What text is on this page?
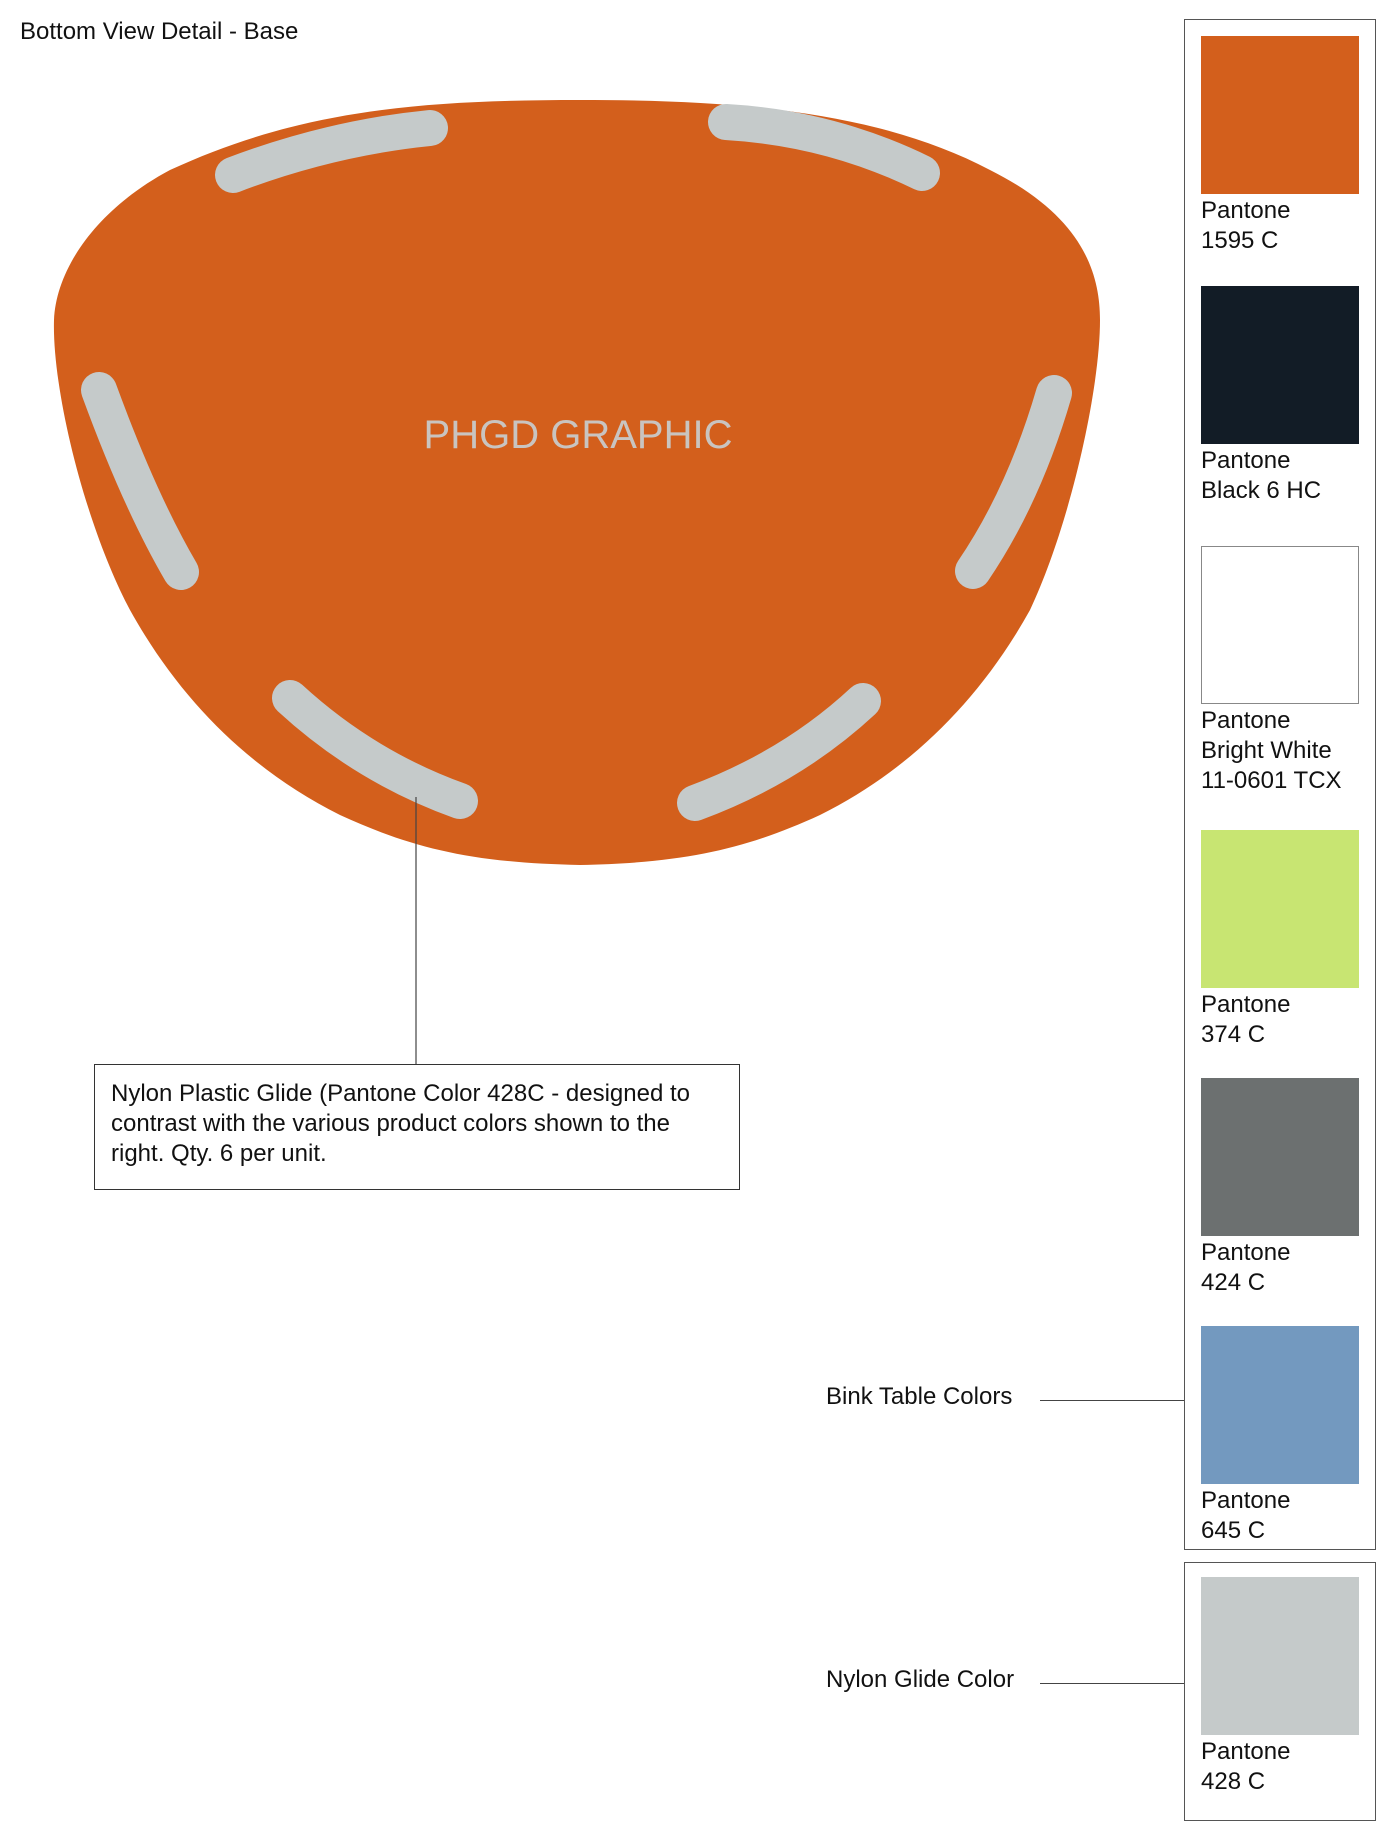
Bottom View Detail - Base
PHGD GRAPHIC
Nylon Plastic Glide (Pantone Color 428C - designed to contrast with the various product colors shown to the right. Qty. 6 per unit.
Pantone
1595 C
Pantone
Black 6 HC
Pantone
Bright White
11-0601 TCX
Pantone
374 C
Pantone
424 C
Pantone
645 C
Pantone
428 C
Bink Table Colors
Nylon Glide Color
